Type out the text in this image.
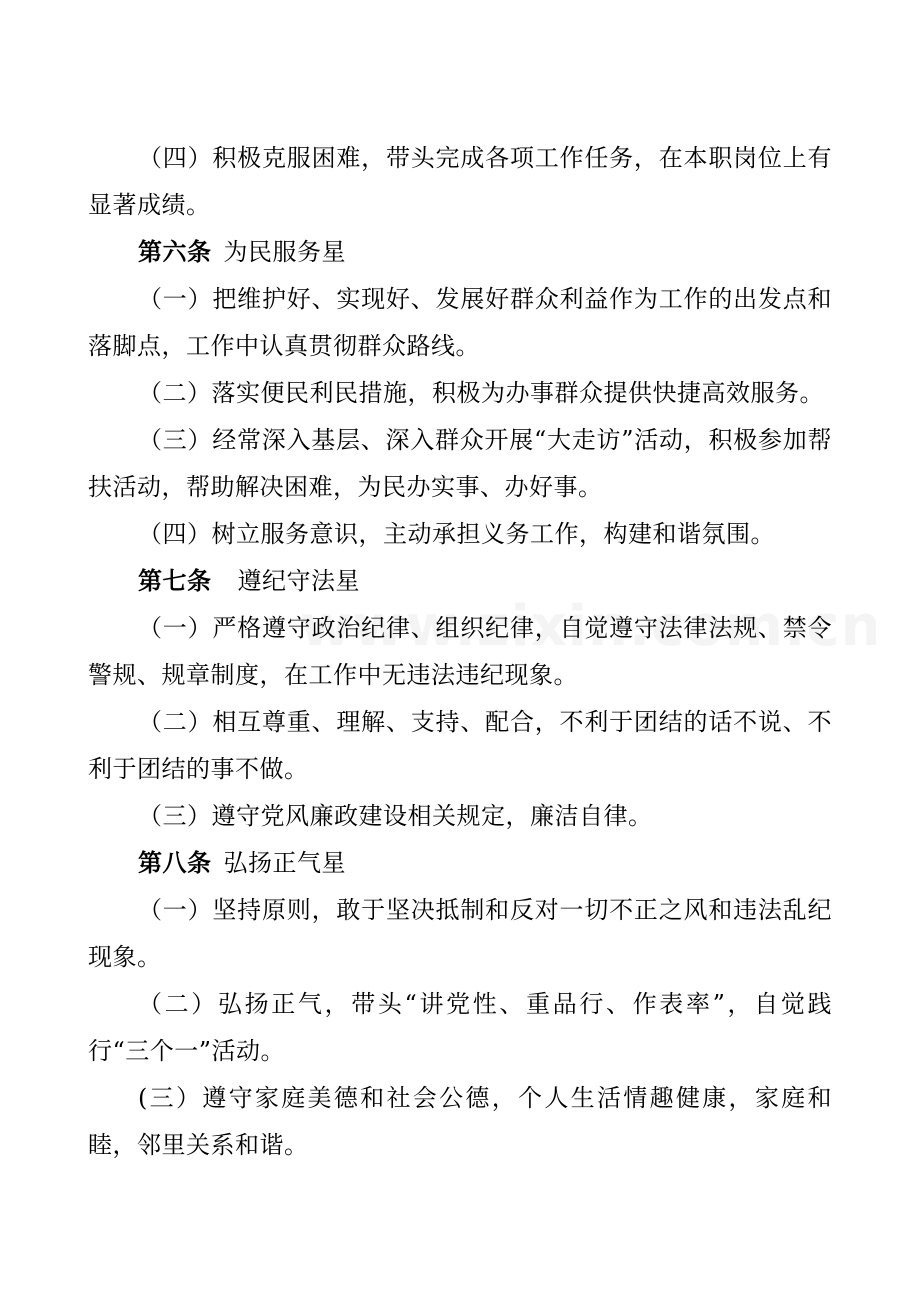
（四）积极克服困难，带头完成各项工作任务，在本职岗位上有显著成绩。

第六条 为民服务星

（一）把维护好、实现好、发展好群众利益作为工作的出发点和落脚点，工作中认真贯彻群众路线。

（二）落实便民利民措施，积极为办事群众提供快捷高效服务。

（三）经常深入基层、深入群众开展“大走访”活动，积极参加帮扶活动，帮助解决困难，为民办实事、办好事。

（四）树立服务意识，主动承担义务工作，构建和谐氛围。

第七条 遵纪守法星

（一）严格遵守政治纪律、组织纪律，自觉遵守法律法规、禁令警规、规章制度，在工作中无违法违纪现象。

（二）相互尊重、理解、支持、配合，不利于团结的话不说、不利于团结的事不做。

（三）遵守党风廉政建设相关规定，廉洁自律。

第八条 弘扬正气星

（一）坚持原则，敢于坚决抵制和反对一切不正之风和违法乱纪现象。

（二）弘扬正气，带头“讲党性、重品行、作表率”，自觉践行“三个一”活动。

(三）遵守家庭美德和社会公德，个人生活情趣健康，家庭和睦，邻里关系和谐。
